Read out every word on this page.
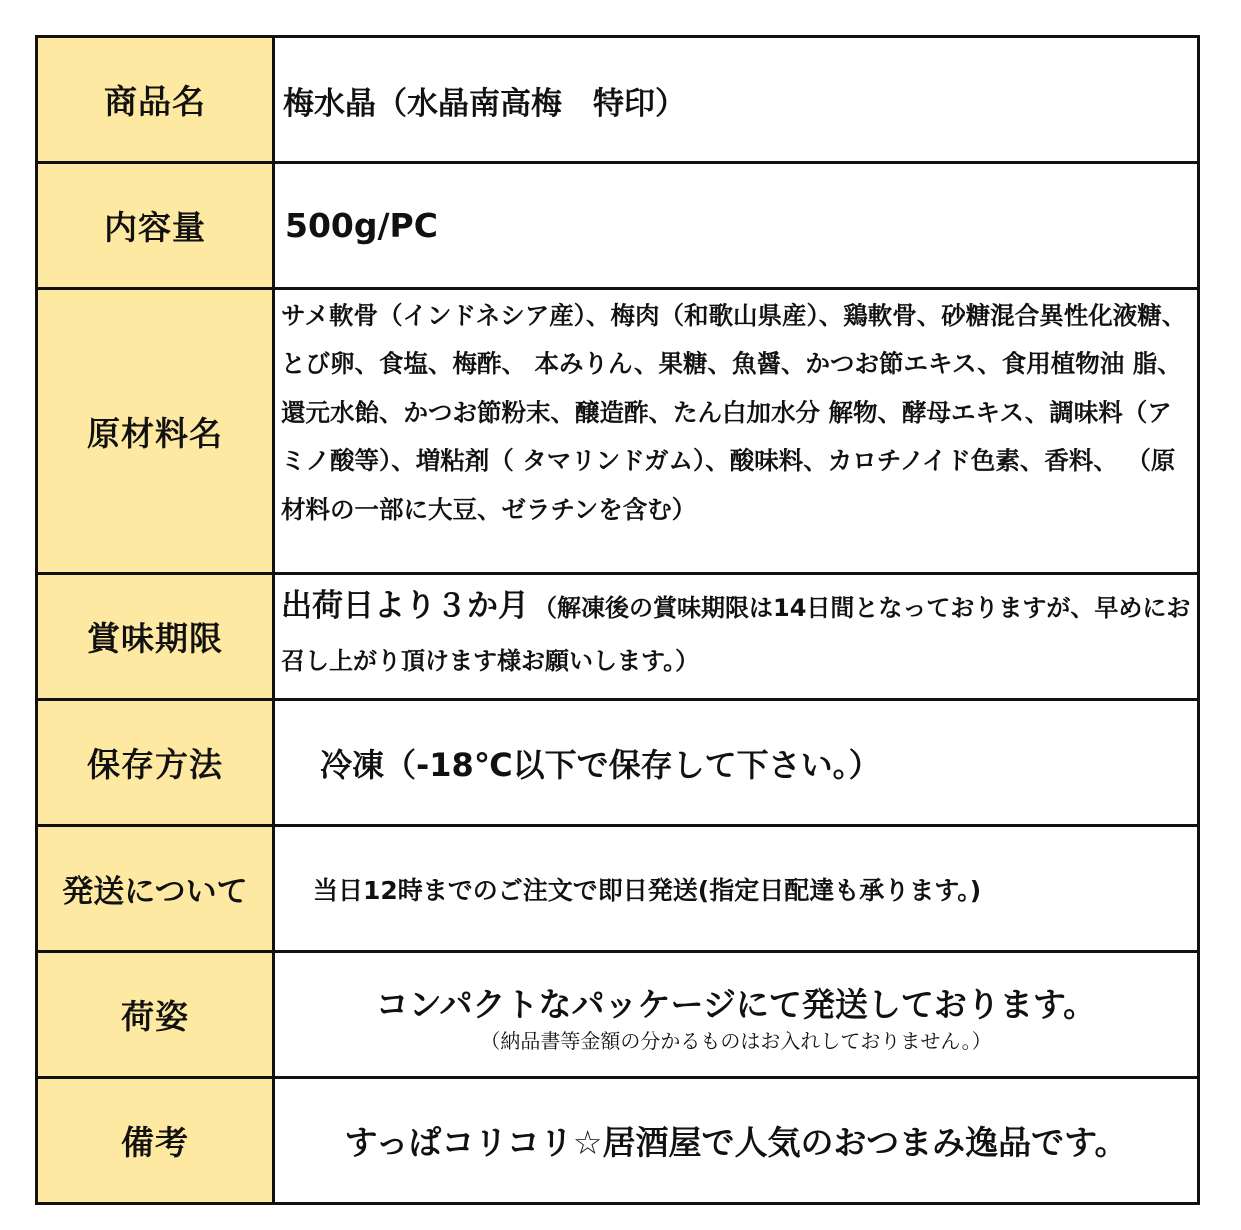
商品名	梅水晶（水晶南高梅　特印）

内容量	500g/PC
原材料名	サメ軟骨（インドネシア産）、梅肉（和歌山県産）、鶏軟骨、砂糖混合異性化液糖、とび卵、食塩、梅酢、 本みりん、果糖、魚醤、かつお節エキス、食用植物油 脂、還元水飴、かつお節粉末、醸造酢、たん白加水分 解物、酵母エキス、調味料（アミノ酸等）、増粘剤（ タマリンドガム）、酸味料、カロチノイド色素、香料、 （原材料の一部に大豆、ゼラチンを含む）
賞味期限	出荷日より３か月　 （解凍後の賞味期限は14日間となっておりますが、早めにお召し上がり頂けます様お願いします。）
保存方法	冷凍（-18℃以下で保存して下さい。）
発送について	当日12時までのご注文で即日発送(指定日配達も承ります。)
荷姿	コンパクトなパッケージにて発送しております。
（納品書等金額の分かるものはお入れしておりません。）

備考	すっぱコリコリ☆居酒屋で人気のおつまみ逸品です。
